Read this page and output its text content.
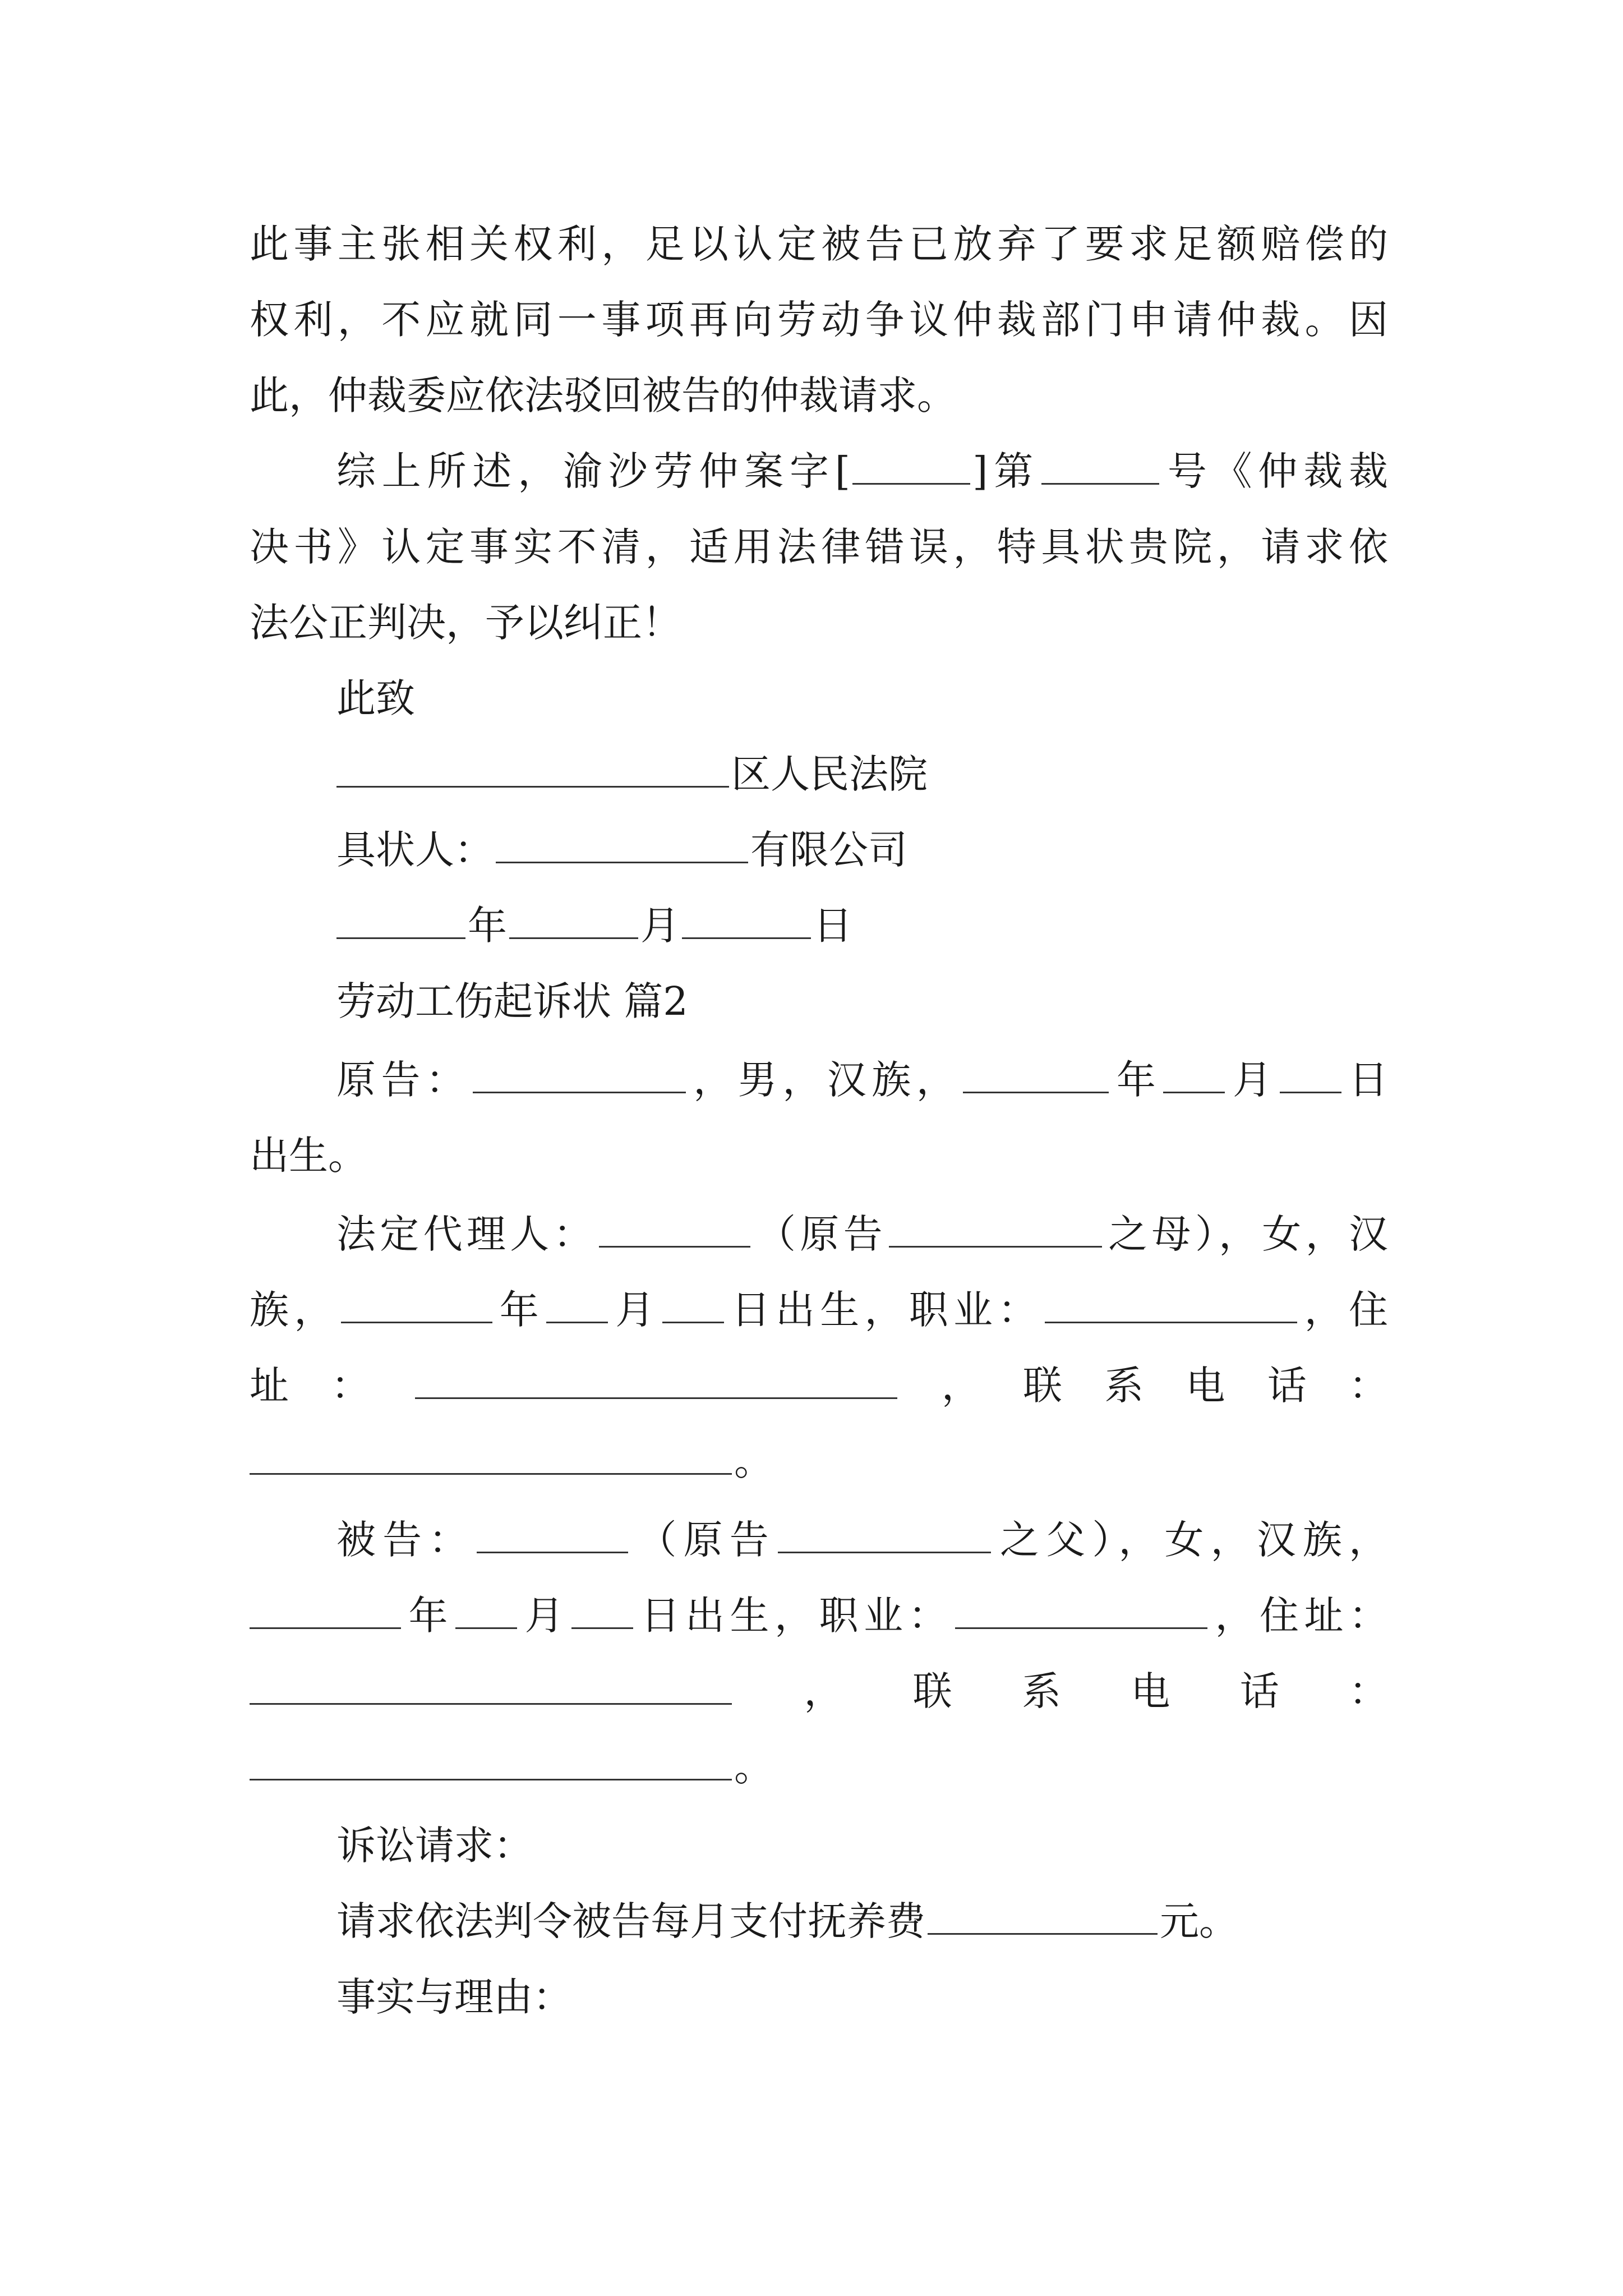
此事主张相关权利，足以认定被告已放弃了要求足额赔偿的
权利，不应就同一事项再向劳动争议仲裁部门申请仲裁。因
此，仲裁委应依法驳回被告的仲裁请求。
综上所述，渝沙劳仲案字[	]第	号《仲裁裁
决书》认定事实不清，适用法律错误，特具状贵院，请求依
法公正判决，予以纠正！
此致
区人民法院
具状人：	有限公司
年	月	日
劳动工伤起诉状 篇2
原告：	，男，汉族，	年 月 日
出生。
法定代理人：	（原告	之母），女，汉
族，	年 月 日出生，职业：	，住
址：	，联系电话：
。
被告：	（原告	之父），女，汉族，
年 月 日出生，职业：	，住址：
，联系电话：
。
诉讼请求：
请求依法判令被告每月支付抚养费	元。
事实与理由：
